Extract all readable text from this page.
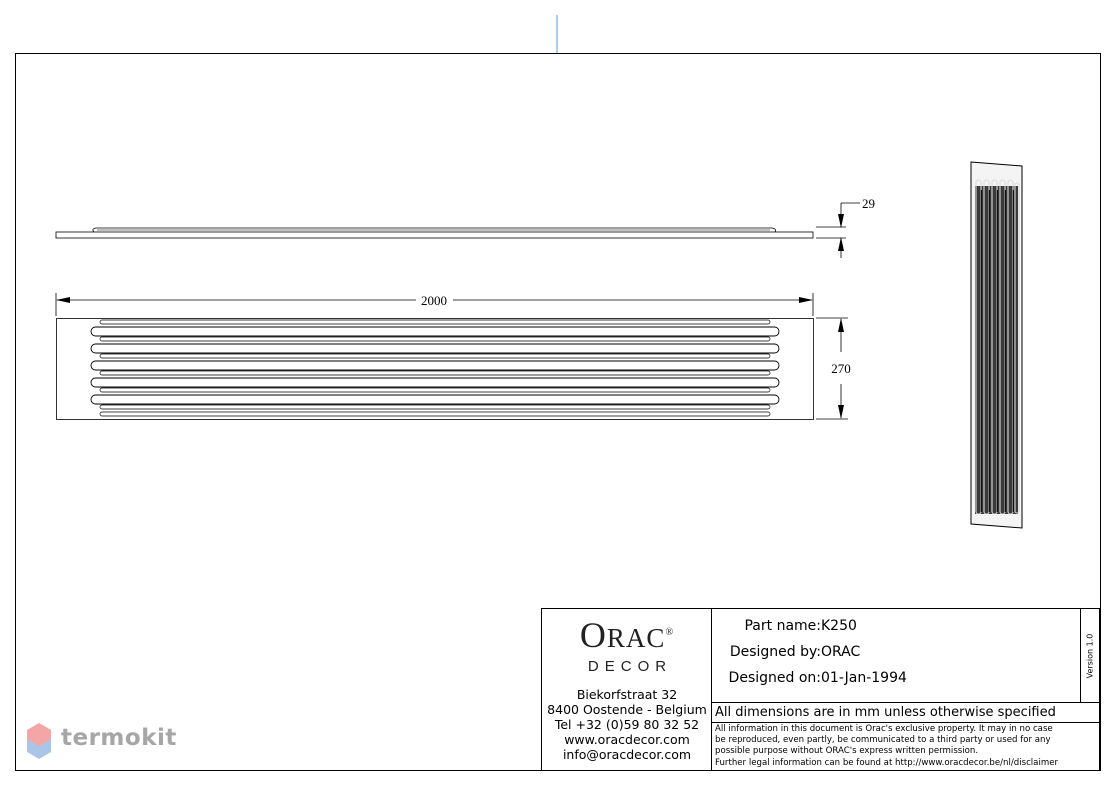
29
2000
270
ORAC®
DECOR
Biekorfstraat 32
8400 Oostende - Belgium
Tel +32 (0)59 80 32 52
www.oracdecor.com
info@oracdecor.com
Part name: K250
Designed by: ORAC
Designed on: 01-Jan-1994
Version 1.0
All dimensions are in mm unless otherwise specified
All information in this document is Orac's exclusive property. It may in no case
be reproduced, even partly, be communicated to a third party or used for any
possible purpose without ORAC's express written permission.
Further legal information can be found at http://www.oracdecor.be/nl/disclaimer
termokit
